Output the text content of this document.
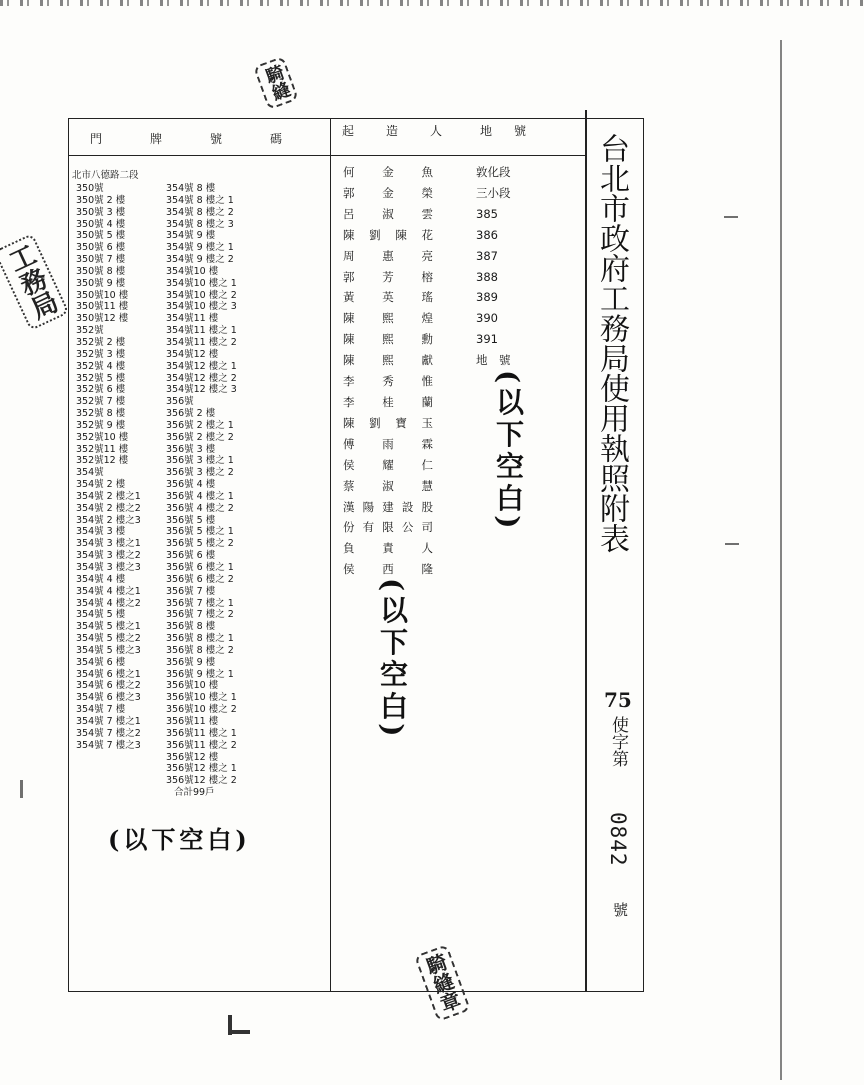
門牌號碼
起造人 地號
北市八德路二段
350號
350號 2 樓
350號 3 樓
350號 4 樓
350號 5 樓
350號 6 樓
350號 7 樓
350號 8 樓
350號 9 樓
350號10 樓
350號11 樓
350號12 樓
352號
352號 2 樓
352號 3 樓
352號 4 樓
352號 5 樓
352號 6 樓
352號 7 樓
352號 8 樓
352號 9 樓
352號10 樓
352號11 樓
352號12 樓
354號
354號 2 樓
354號 2 樓之1
354號 2 樓之2
354號 2 樓之3
354號 3 樓
354號 3 樓之1
354號 3 樓之2
354號 3 樓之3
354號 4 樓
354號 4 樓之1
354號 4 樓之2
354號 5 樓
354號 5 樓之1
354號 5 樓之2
354號 5 樓之3
354號 6 樓
354號 6 樓之1
354號 6 樓之2
354號 6 樓之3
354號 7 樓
354號 7 樓之1
354號 7 樓之2
354號 7 樓之3
354號 8 樓
354號 8 樓之 1
354號 8 樓之 2
354號 8 樓之 3
354號 9 樓
354號 9 樓之 1
354號 9 樓之 2
354號10 樓
354號10 樓之 1
354號10 樓之 2
354號10 樓之 3
354號11 樓
354號11 樓之 1
354號11 樓之 2
354號12 樓
354號12 樓之 1
354號12 樓之 2
354號12 樓之 3
356號
356號 2 樓
356號 2 樓之 1
356號 2 樓之 2
356號 3 樓
356號 3 樓之 1
356號 3 樓之 2
356號 4 樓
356號 4 樓之 1
356號 4 樓之 2
356號 5 樓
356號 5 樓之 1
356號 5 樓之 2
356號 6 樓
356號 6 樓之 1
356號 6 樓之 2
356號 7 樓
356號 7 樓之 1
356號 7 樓之 2
356號 8 樓
356號 8 樓之 1
356號 8 樓之 2
356號 9 樓
356號 9 樓之 1
356號10 樓
356號10 樓之 1
356號10 樓之 2
356號11 樓
356號11 樓之 1
356號11 樓之 2
356號12 樓
356號12 樓之 1
356號12 樓之 2
合計99戶
何　金　魚
郭　金　榮
呂　淑　雲
陳 劉 陳 花
周　惠　亮
郭　芳　榕
黃　英　瑤
陳　熙　煌
陳　熙　勳
陳　熙　獻
李　秀　惟
李　桂　蘭
陳 劉 寶 玉
傅　雨　霖
侯　耀　仁
蔡　淑　慧
漢陽建設股
份有限公司
負　責　人
侯　西　隆
敦化段
三小段
385
386
387
388
389
390
391
地　號
(以下空白)
(以下空白)
(以下空白)
台北市政府工務局使用執照附表
75
使字第
0842
號
騎縫
工務局
騎縫章
